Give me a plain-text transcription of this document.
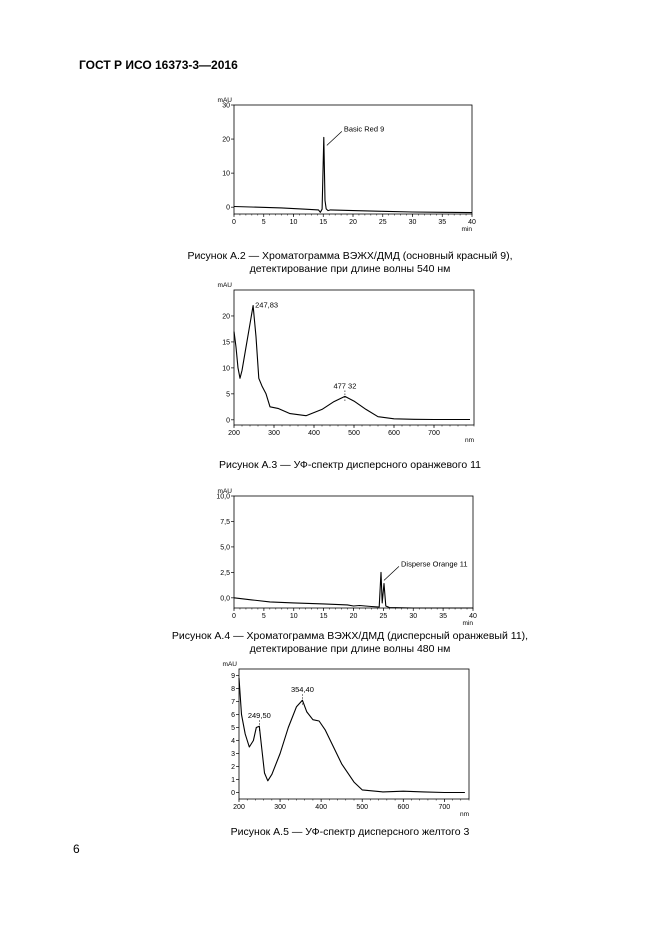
ГОСТ Р ИСО 16373-3—2016
0
10
20
30
0	5	10	15	20	25	30	35	40
mAU
min
Basic Red 9
Рисунок А.2 — Хроматограмма ВЭЖХ/ДМД (основный красный 9),
детектирование при длине волны 540 нм
0
5
10
15
20
200	300	400	500	600	700
mAU
nm
247,83
477 32
Рисунок А.3 — УФ-спектр дисперсного оранжевого 11
0,0
2,5
5,0
7,5
10,0
0	5	10	15	20	25	30	35	40
mAU
min
Disperse Orange 11
Рисунок А.4 — Хроматограмма ВЭЖХ/ДМД (дисперсный оранжевый 11),
детектирование при длине волны 480 нм
0
1
2
3
4
5
6
7
8
9
200	300	400	500	600	700
mAU
nm
249,50
354,40
Рисунок А.5 — УФ-спектр дисперсного желтого 3
6
